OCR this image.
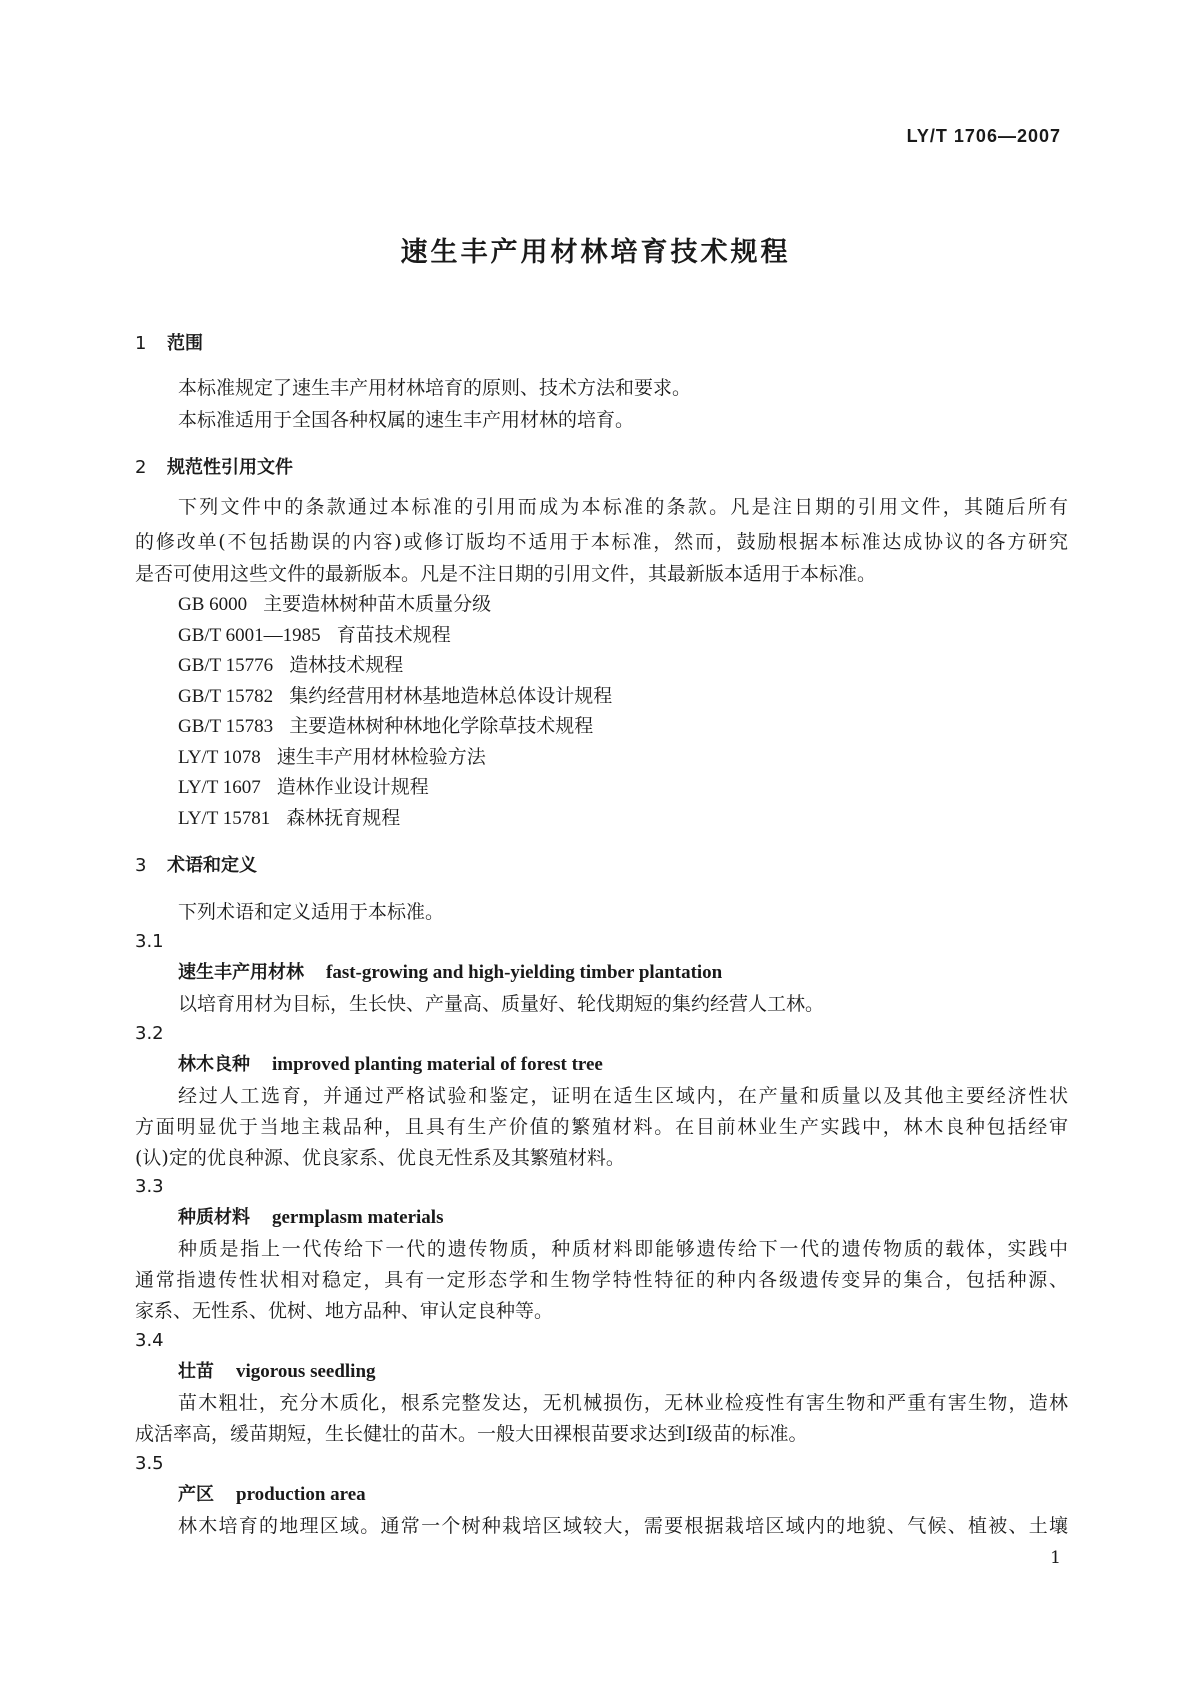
LY/T 1706—2007
速生丰产用材林培育技术规程
1 范围
本标准规定了速生丰产用材林培育的原则、技术方法和要求。
本标准适用于全国各种权属的速生丰产用材林的培育。
2 规范性引用文件
下列文件中的条款通过本标准的引用而成为本标准的条款。凡是注日期的引用文件，其随后所有
的修改单(不包括勘误的内容)或修订版均不适用于本标准，然而，鼓励根据本标准达成协议的各方研究
是否可使用这些文件的最新版本。凡是不注日期的引用文件，其最新版本适用于本标准。
GB 6000 主要造林树种苗木质量分级
GB/T 6001—1985 育苗技术规程
GB/T 15776 造林技术规程
GB/T 15782 集约经营用材林基地造林总体设计规程
GB/T 15783 主要造林树种林地化学除草技术规程
LY/T 1078 速生丰产用材林检验方法
LY/T 1607 造林作业设计规程
LY/T 15781 森林抚育规程
3 术语和定义
下列术语和定义适用于本标准。
3.1
速生丰产用材林 fast-growing and high-yielding timber plantation
以培育用材为目标，生长快、产量高、质量好、轮伐期短的集约经营人工林。
3.2
林木良种 improved planting material of forest tree
经过人工选育，并通过严格试验和鉴定，证明在适生区域内，在产量和质量以及其他主要经济性状
方面明显优于当地主栽品种，且具有生产价值的繁殖材料。在目前林业生产实践中，林木良种包括经审
(认)定的优良种源、优良家系、优良无性系及其繁殖材料。
3.3
种质材料 germplasm materials
种质是指上一代传给下一代的遗传物质，种质材料即能够遗传给下一代的遗传物质的载体，实践中
通常指遗传性状相对稳定，具有一定形态学和生物学特性特征的种内各级遗传变异的集合，包括种源、
家系、无性系、优树、地方品种、审认定良种等。
3.4
壮苗 vigorous seedling
苗木粗壮，充分木质化，根系完整发达，无机械损伤，无林业检疫性有害生物和严重有害生物，造林
成活率高，缓苗期短，生长健壮的苗木。一般大田裸根苗要求达到Ⅰ级苗的标准。
3.5
产区 production area
林木培育的地理区域。通常一个树种栽培区域较大，需要根据栽培区域内的地貌、气候、植被、土壤
1
